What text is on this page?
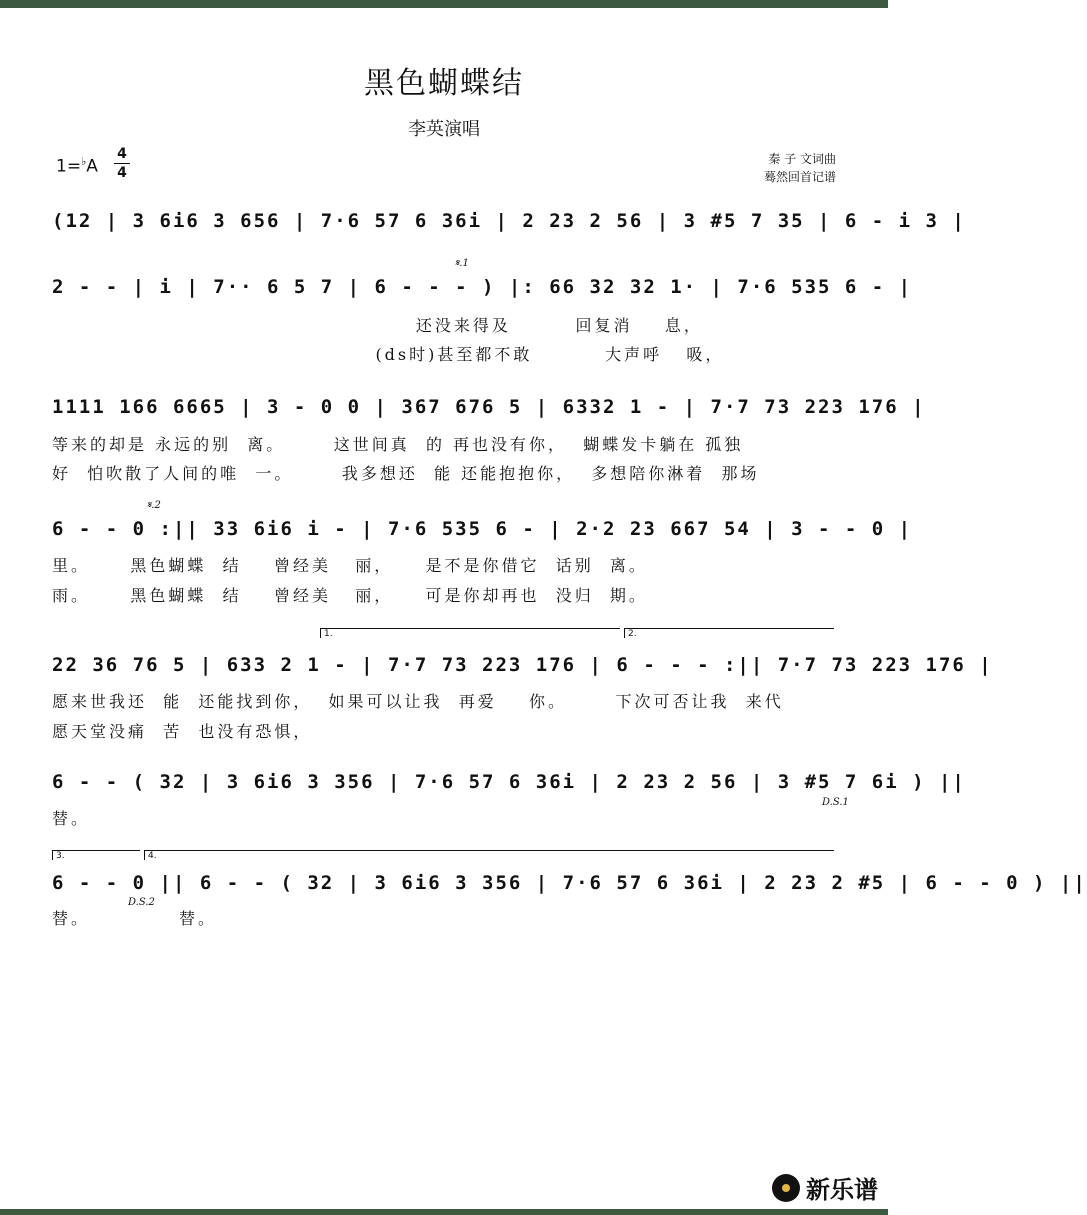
黑色蝴蝶结
李英演唱
1=♭A
4
4
秦 子 文词曲
蓦然回首记谱
(12 | 3 6i6 3 656 | 7·6 57 6 36i | 2 23 2 56 | 3 #5 7 35 | 6 - i 3 |
𝄋.1
2 - - | i | 7·· 6 5 7 | 6 - - - ) |: 66 32 32 1· | 7·6 535 6 - |
还没来得及        回复消    息，
(ds时)甚至都不敢         大声呼   吸，
1111 166 6665 | 3 - 0 0 | 367 676 5 | 6332 1 - | 7·7 73 223 176 |
等来的却是 永远的别  离。      这世间真  的 再也没有你，  蝴蝶发卡躺在 孤独
好  怕吹散了人间的唯  一。      我多想还  能 还能抱抱你，  多想陪你淋着  那场
𝄋.2
6 - - 0 :|| 33 6i6 i - | 7·6 535 6 - | 2·2 23 667 54 | 3 - - 0 |
里。     黑色蝴蝶  结    曾经美   丽，    是不是你借它  话别  离。
雨。     黑色蝴蝶  结    曾经美   丽，    可是你却再也  没归  期。
1.	2.
22 36 76 5 | 633 2 1 - | 7·7 73 223 176 | 6 - - - :|| 7·7 73 223 176 |
愿来世我还  能  还能找到你，  如果可以让我  再爱    你。      下次可否让我  来代
愿天堂没痛  苦  也没有恐惧，
6 - - ( 32 | 3 6i6 3 356 | 7·6 57 6 36i | 2 23 2 56 | 3 #5 7 6i ) ||
D.S.1
替。
3.	4.
6 - - 0 || 6 - - ( 32 | 3 6i6 3 356 | 7·6 57 6 36i | 2 23 2 #5 | 6 - - 0 ) ||
D.S.2
替。           替。
新乐谱
